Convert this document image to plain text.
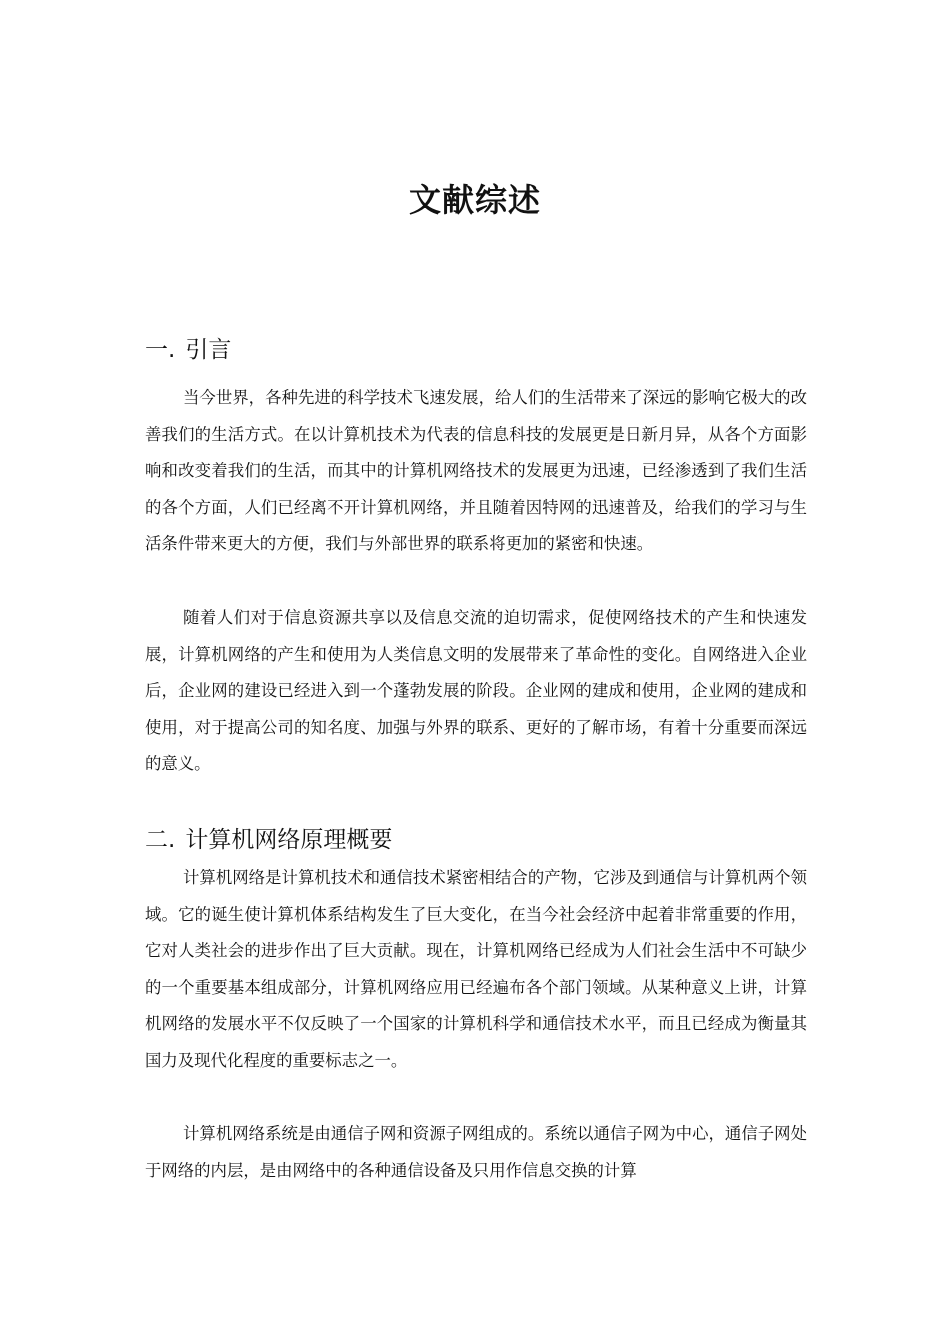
文献综述
一. 引言

当今世界，各种先进的科学技术飞速发展，给人们的生活带来了深远的影响它极大的改善我们的生活方式。在以计算机技术为代表的信息科技的发展更是日新月异，从各个方面影响和改变着我们的生活，而其中的计算机网络技术的发展更为迅速，已经渗透到了我们生活的各个方面，人们已经离不开计算机网络，并且随着因特网的迅速普及，给我们的学习与生活条件带来更大的方便，我们与外部世界的联系将更加的紧密和快速。

随着人们对于信息资源共享以及信息交流的迫切需求，促使网络技术的产生和快速发展，计算机网络的产生和使用为人类信息文明的发展带来了革命性的变化。自网络进入企业后，企业网的建设已经进入到一个蓬勃发展的阶段。企业网的建成和使用，企业网的建成和使用，对于提高公司的知名度、加强与外界的联系、更好的了解市场，有着十分重要而深远的意义。

二. 计算机网络原理概要

计算机网络是计算机技术和通信技术紧密相结合的产物，它涉及到通信与计算机两个领域。它的诞生使计算机体系结构发生了巨大变化，在当今社会经济中起着非常重要的作用，它对人类社会的进步作出了巨大贡献。现在，计算机网络已经成为人们社会生活中不可缺少的一个重要基本组成部分，计算机网络应用已经遍布各个部门领域。从某种意义上讲，计算机网络的发展水平不仅反映了一个国家的计算机科学和通信技术水平，而且已经成为衡量其国力及现代化程度的重要标志之一。

计算机网络系统是由通信子网和资源子网组成的。系统以通信子网为中心，通信子网处于网络的内层，是由网络中的各种通信设备及只用作信息交换的计算
